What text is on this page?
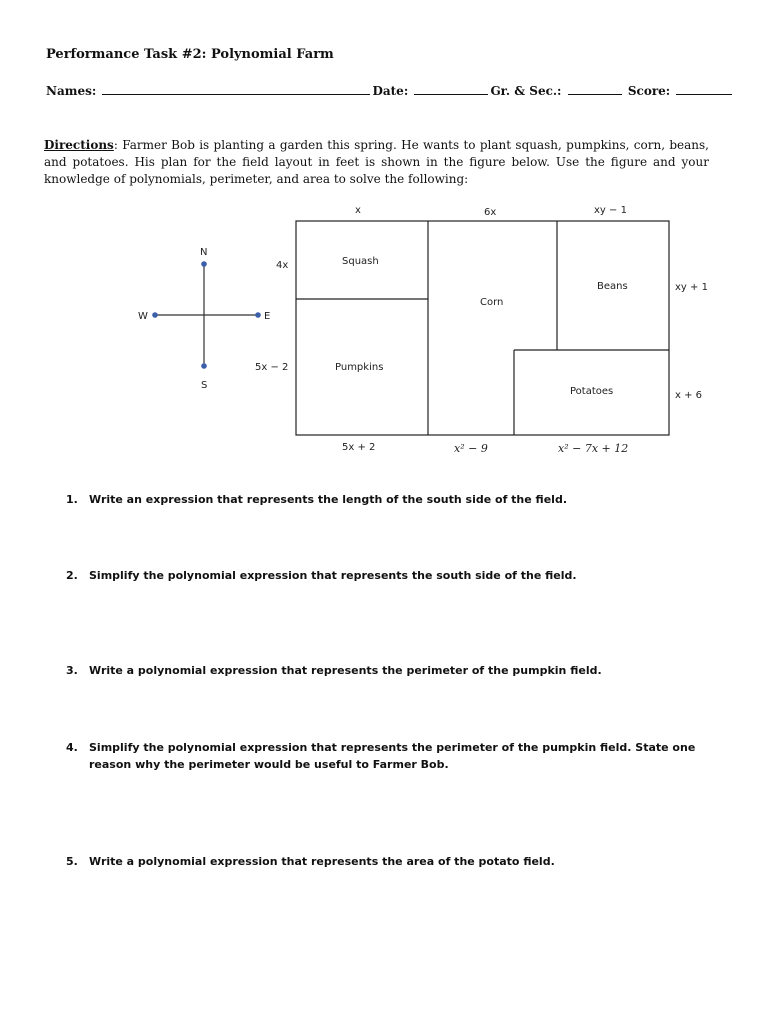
Performance Task #2: Polynomial Farm
Names:	Date:	Gr. & Sec.:	Score:
Directions: Farmer Bob is planting a garden this spring. He wants to plant squash, pumpkins, corn, beans, and potatoes. His plan for the field layout in feet is shown in the figure below. Use the figure and your knowledge of polynomials, perimeter, and area to solve the following:
N
S
W	E
Squash
Pumpkins
Corn
Beans
Potatoes
x	6x	xy − 1
4x
5x − 2
xy + 1
x + 6
5x + 2	x² − 9	x² − 7x + 12
1.	Write an expression that represents the length of the south side of the field.
2.	Simplify the polynomial expression that represents the south side of the field.
3.	Write a polynomial expression that represents the perimeter of the pumpkin field.
4.	Simplify the polynomial expression that represents the perimeter of the pumpkin field. State one reason why the perimeter would be useful to Farmer Bob.
5.	Write a polynomial expression that represents the area of the potato field.
